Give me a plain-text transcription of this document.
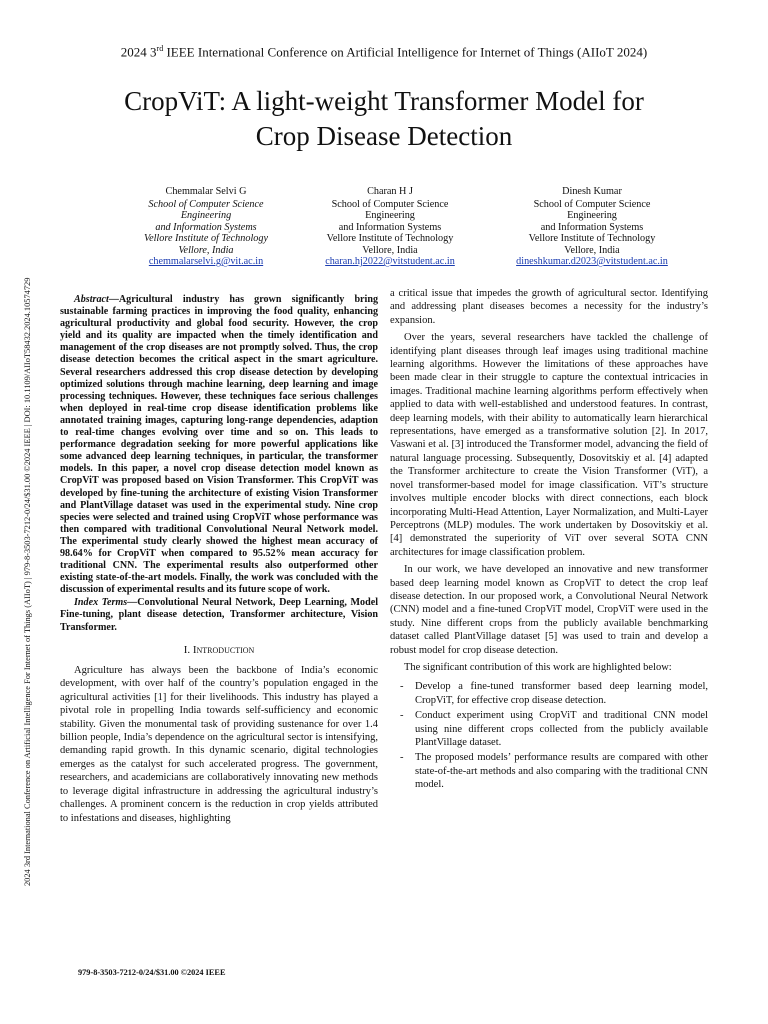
2024 3rd IEEE International Conference on Artificial Intelligence for Internet of Things (AIIoT 2024)
CropViT: A light-weight Transformer Model for
Crop Disease Detection
2024 3rd International Conference on Artificial Intelligence For Internet of Things (AIIoT) | 979-8-3503-7212-0/24/$31.00 ©2024 IEEE | DOI: 10.1109/AIIoT58432.2024.10574729
Chemmalar Selvi G
School of Computer Science
Engineering
and Information Systems
Vellore Institute of Technology
Vellore, India
chemmalarselvi.g@vit.ac.in
Charan H J
School of Computer Science
Engineering
and Information Systems
Vellore Institute of Technology
Vellore, India
charan.hj2022@vitstudent.ac.in
Dinesh Kumar
School of Computer Science
Engineering
and Information Systems
Vellore Institute of Technology
Vellore, India
dineshkumar.d2023@vitstudent.ac.in

Abstract—Agricultural industry has grown significantly bring sustainable farming practices in improving the food quality, enhancing agricultural productivity and global food security. However, the crop yield and its quality are impacted when the timely identification and management of the crop diseases are not promptly solved. Thus, the crop disease detection becomes the critical aspect in the smart agriculture. Several researchers addressed this crop disease detection by developing optimized solutions through machine learning, deep learning and image processing techniques. However, these techniques face serious challenges when deployed in real-time crop disease identification problems like annotated training images, capturing long-range dependencies, adaption to real-time changes evolving over time and so on. This leads to performance degradation seeking for more powerful applications like some advanced deep learning techniques, in particular, the transformer models. In this paper, a novel crop disease detection model known as CropViT was proposed based on Vision Transformer. This CropViT was developed by fine-tuning the architecture of existing Vision Transformer and PlantVillage dataset was used in the experimental study. Nine crop species were selected and trained using CropViT whose performance was then compared with traditional Convolutional Neural Network model. The experimental study clearly showed the highest mean accuracy of 98.64% for CropViT when compared to 95.52% mean accuracy for traditional CNN. The experimental results also outperformed other existing state-of-the-art models. Finally, the work was concluded with the discussion of experimental results and its future scope of work.

Index Terms—Convolutional Neural Network, Deep Learning, Model Fine-tuning, plant disease detection, Transformer architecture, Vision Transformer.

I. Introduction

Agriculture has always been the backbone of India’s economic development, with over half of the country’s population engaged in the agricultural activities [1] for their livelihoods. This industry has played a pivotal role in propelling India towards self-sufficiency and economic stability. Given the monumental task of providing sustenance for over 1.4 billion people, India’s dependence on the agricultural sector is intensifying, demanding rapid growth. In this dynamic scenario, digital technologies emerges as the catalyst for such accelerated progress. The government, researchers, and academicians are collaboratively innovating new methods to leverage digital infrastructure in addressing the agricultural industry’s challenges. A prominent concern is the reduction in crop yields attributed to infestations and diseases, highlighting

a critical issue that impedes the growth of agricultural sector. Identifying and addressing plant diseases becomes a necessity for the industry’s expansion.

Over the years, several researchers have tackled the challenge of identifying plant diseases through leaf images using traditional machine learning algorithms. However the limitations of these approaches have been made clear in their struggle to capture the contextual intricacies in images. Traditional machine learning algorithms perform effectively when applied to data with well-established and understood features. In contrast, deep learning models, with their ability to automatically learn hierarchical representations, have emerged as a transformative solution [2]. In 2017, Vaswani et al. [3] introduced the Transformer model, advancing the field of natural language processing. Subsequently, Dosovitskiy et al. [4] adapted the Transformer architecture to create the Vision Transformer (ViT), a novel transformer-based model for image classification. ViT’s structure involves multiple encoder blocks with direct connections, each block incorporating Multi-Head Attention, Layer Normalization, and Multi-Layer Perceptrons (MLP) modules. The work undertaken by Dosovitskiy et al. [4] demonstrated the superiority of ViT over several SOTA CNN architectures for image classification problem.

In our work, we have developed an innovative and new transformer based deep learning model known as CropViT to detect the crop leaf disease detection. In our proposed work, a Convolutional Neural Network (CNN) model and a fine-tuned CropViT model, CropViT were used in the study. Nine different crops from the publicly available benchmarking dataset called PlantVillage dataset [5] was used to train and develop a robust model for crop disease detection.

The significant contribution of this work are highlighted below:

- Develop a fine-tuned transformer based deep learning model, CropViT, for effective crop disease detection.
- Conduct experiment using CropViT and traditional CNN model using nine different crops collected from the publicly available PlantVillage dataset.
- The proposed models’ performance results are compared with other state-of-the-art methods and also comparing with the traditional CNN model.
979-8-3503-7212-0/24/$31.00 ©2024 IEEE
